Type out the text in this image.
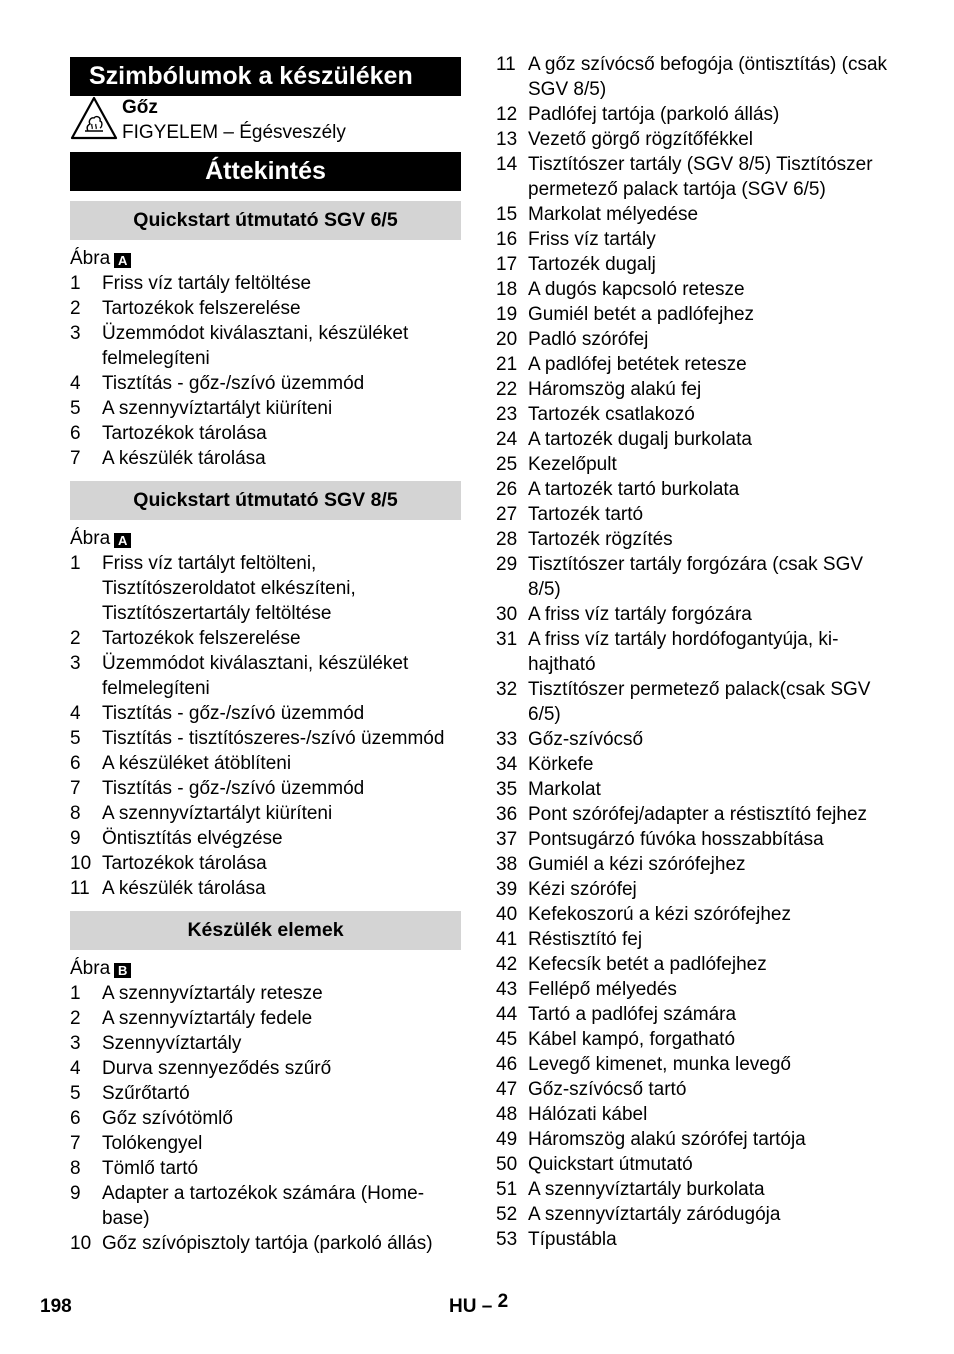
Szimbólumok a készüléken
Gőz
FIGYELEM – Égésveszély
Áttekintés
Quickstart útmutató SGV 6/5
Ábra A
1	Friss víz tartály feltöltése
2	Tartozékok felszerelése
3	Üzemmódot kiválasztani, készüléket felmelegíteni
4	Tisztítás - gőz-/szívó üzemmód
5	A szennyvíztartályt kiüríteni
6	Tartozékok tárolása
7	A készülék tárolása
Quickstart útmutató SGV 8/5
Ábra A
1	Friss víz tartályt feltölteni, Tisztítószeroldatot elkészíteni, Tisztítószertartály feltöltése
2	Tartozékok felszerelése
3	Üzemmódot kiválasztani, készüléket felmelegíteni
4	Tisztítás - gőz-/szívó üzemmód
5	Tisztítás - tisztítószeres-/szívó üzemmód
6	A készüléket átöblíteni
7	Tisztítás - gőz-/szívó üzemmód
8	A szennyvíztartályt kiüríteni
9	Öntisztítás elvégzése
10 Tartozékok tárolása
11 A készülék tárolása
Készülék elemek
Ábra B
1	A szennyvíztartály retesze
2	A szennyvíztartály fedele
3	Szennyvíztartály
4	Durva szennyeződés szűrő
5	Szűrőtartó
6	Gőz szívótömlő
7	Tolókengyel
8	Tömlő tartó
9	Adapter a tartozékok számára (Home-base)
10 Gőz szívópisztoly tartója (parkoló állás)
11 A gőz szívócső befogója (öntisztítás) (csak SGV 8/5)
12 Padlófej tartója (parkoló állás)
13 Vezető görgő rögzítőfékkel
14 Tisztítószer tartály (SGV 8/5) Tisztítószer permetező palack tartója (SGV 6/5)
15 Markolat mélyedése
16 Friss víz tartály
17 Tartozék dugalj
18 A dugós kapcsoló retesze
19 Gumiél betét a padlófejhez
20 Padló szórófej
21 A padlófej betétek retesze
22 Háromszög alakú fej
23 Tartozék csatlakozó
24 A tartozék dugalj burkolata
25 Kezelőpult
26 A tartozék tartó burkolata
27 Tartozék tartó
28 Tartozék rögzítés
29 Tisztítószer tartály forgózára (csak SGV 8/5)
30 A friss víz tartály forgózára
31 A friss víz tartály hordófogantyúja, ki-hajtható
32 Tisztítószer permetező palack(csak SGV 6/5)
33 Gőz-szívócső
34 Körkefe
35 Markolat
36 Pont szórófej/adapter a réstisztító fejhez
37 Pontsugárzó fúvóka hosszabbítása
38 Gumiél a kézi szórófejhez
39 Kézi szórófej
40 Kefekoszorú a kézi szórófejhez
41 Réstisztító fej
42 Kefecsík betét a padlófejhez
43 Fellépő mélyedés
44 Tartó a padlófej számára
45 Kábel kampó, forgatható
46 Levegő kimenet, munka levegő
47 Gőz-szívócső tartó
48 Hálózati kábel
49 Háromszög alakú szórófej tartója
50 Quickstart útmutató
51 A szennyvíztartály burkolata
52 A szennyvíztartály záródugója
53 Típustábla
198	HU – 2
